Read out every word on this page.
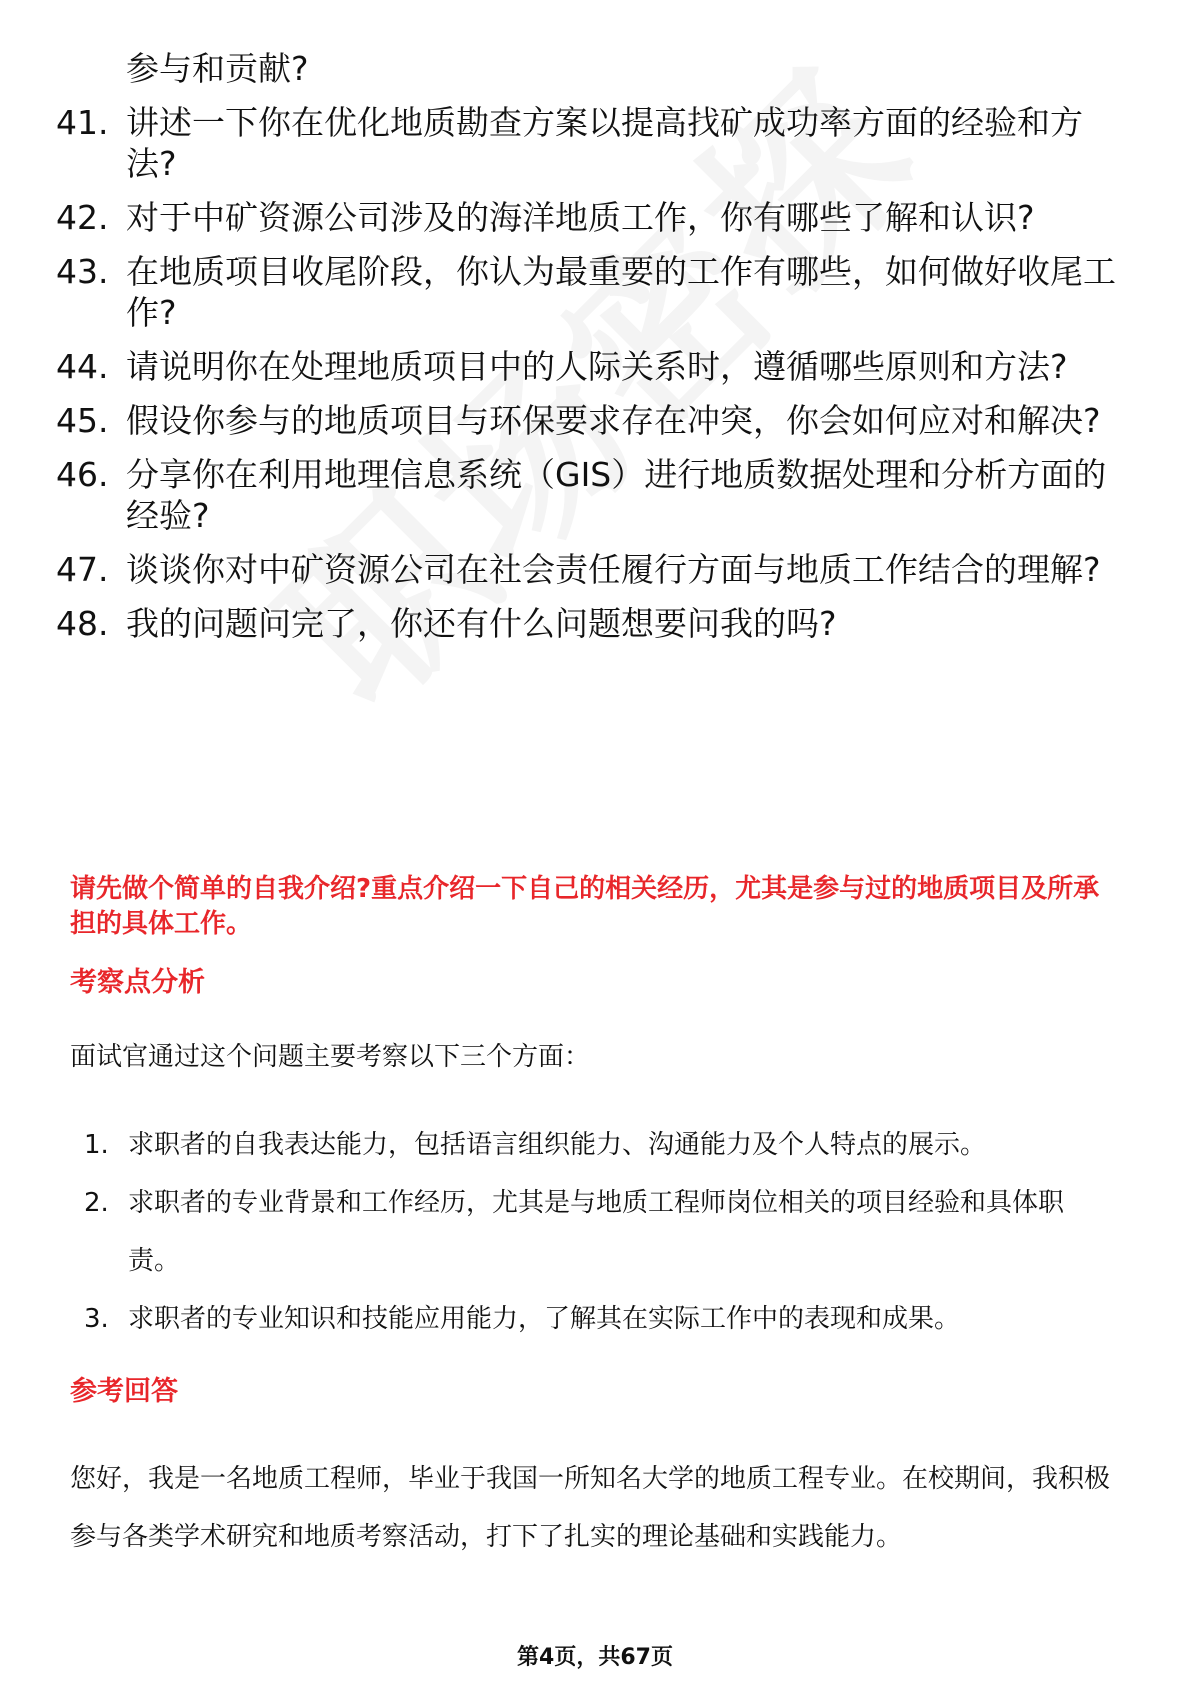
参与和贡献?
41. 讲述一下你在优化地质勘查方案以提高找矿成功率方面的经验和方法?
42. 对于中矿资源公司涉及的海洋地质工作，你有哪些了解和认识?
43. 在地质项目收尾阶段，你认为最重要的工作有哪些，如何做好收尾工作?
44. 请说明你在处理地质项目中的人际关系时，遵循哪些原则和方法?
45. 假设你参与的地质项目与环保要求存在冲突，你会如何应对和解决?
46. 分享你在利用地理信息系统（GIS）进行地质数据处理和分析方面的经验?
47. 谈谈你对中矿资源公司在社会责任履行方面与地质工作结合的理解?
48. 我的问题问完了，你还有什么问题想要问我的吗?
请先做个简单的自我介绍?重点介绍一下自己的相关经历，尤其是参与过的地质项目及所承担的具体工作。
考察点分析
面试官通过这个问题主要考察以下三个方面：
1. 求职者的自我表达能力，包括语言组织能力、沟通能力及个人特点的展示。
2. 求职者的专业背景和工作经历，尤其是与地质工程师岗位相关的项目经验和具体职责。
3. 求职者的专业知识和技能应用能力，了解其在实际工作中的表现和成果。
参考回答
您好，我是一名地质工程师，毕业于我国一所知名大学的地质工程专业。在校期间，我积极参与各类学术研究和地质考察活动，打下了扎实的理论基础和实践能力。
第4页，共67页
